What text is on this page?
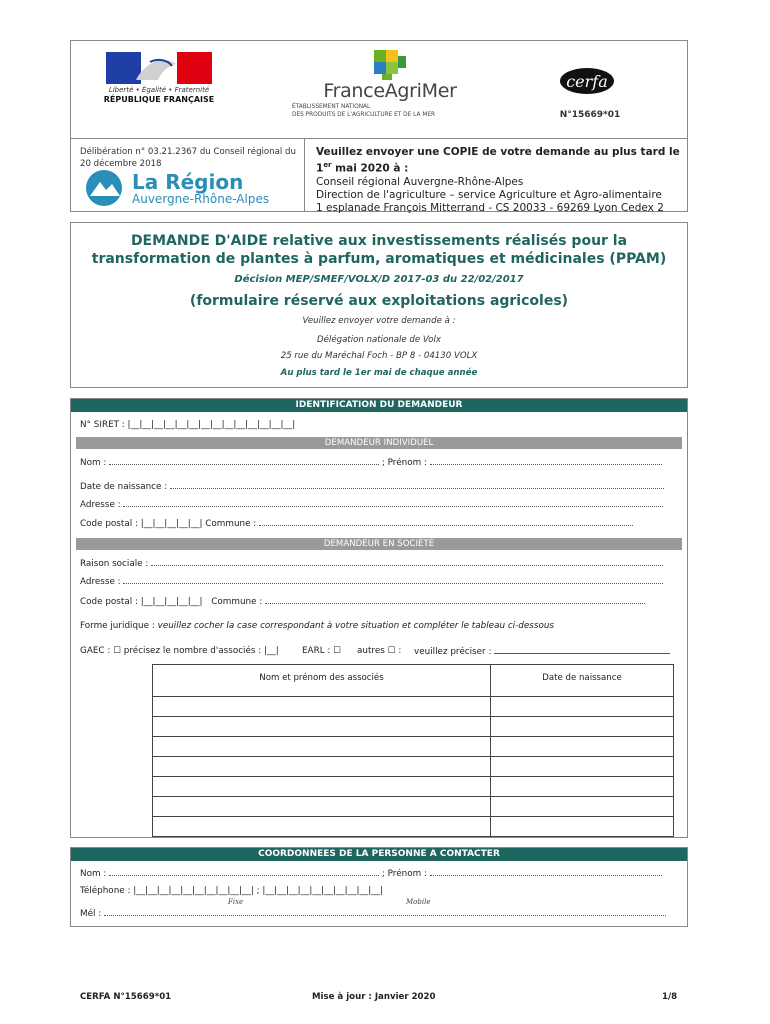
Liberté • Égalité • Fraternité
RÉPUBLIQUE FRANÇAISE	FranceAgriMer
ÉTABLISSEMENT NATIONAL
DES PRODUITS DE L'AGRICULTURE ET DE LA MER
cerfa
N°15669*01
Délibération n° 03.21.2367 du Conseil régional du 20 décembre 2018
La Région
Auvergne-Rhône-Alpes
Veuillez envoyer une COPIE de votre demande au plus tard le
1er mai 2020 à :
Conseil régional Auvergne-Rhône-Alpes
Direction de l'agriculture – service Agriculture et Agro-alimentaire
1 esplanade François Mitterrand - CS 20033 - 69269 Lyon Cedex 2
DEMANDE D'AIDE relative aux investissements réalisés pour la transformation de plantes à parfum, aromatiques et médicinales (PPAM)
Décision MEP/SMEF/VOLX/D 2017-03 du 22/02/2017
(formulaire réservé aux exploitations agricoles)
Veuillez envoyer votre demande à :
Délégation nationale de Volx
25 rue du Maréchal Foch - BP 8 - 04130 VOLX
Au plus tard le 1er mai de chaque année
IDENTIFICATION DU DEMANDEUR
N° SIRET : |__|__|__|__|__|__|__|__|__|__|__|__|__|__|
DEMANDEUR INDIVIDUEL
Nom :	; Prénom :
Date de naissance :
Adresse :
Code postal : |__|__|__|__|__| Commune :
DEMANDEUR EN SOCIÉTÉ
Raison sociale :
Adresse :
Code postal : |__|__|__|__|__| Commune :
Forme juridique : veuillez cocher la case correspondant à votre situation et compléter le tableau ci-dessous
GAEC : ☐ précisez le nombre d'associés : |__|	EARL : ☐ autres ☐ : veuillez préciser :
Nom et prénom des associés	Date de naissance

COORDONNEES DE LA PERSONNE A CONTACTER
Nom :	; Prénom :
Téléphone : |__|__|__|__|__|__|__|__|__|__| ; |__|__|__|__|__|__|__|__|__|__|
Fixe	Mobile
Mél :
CERFA N°15669*01	Mise à jour : Janvier 2020	1/8
